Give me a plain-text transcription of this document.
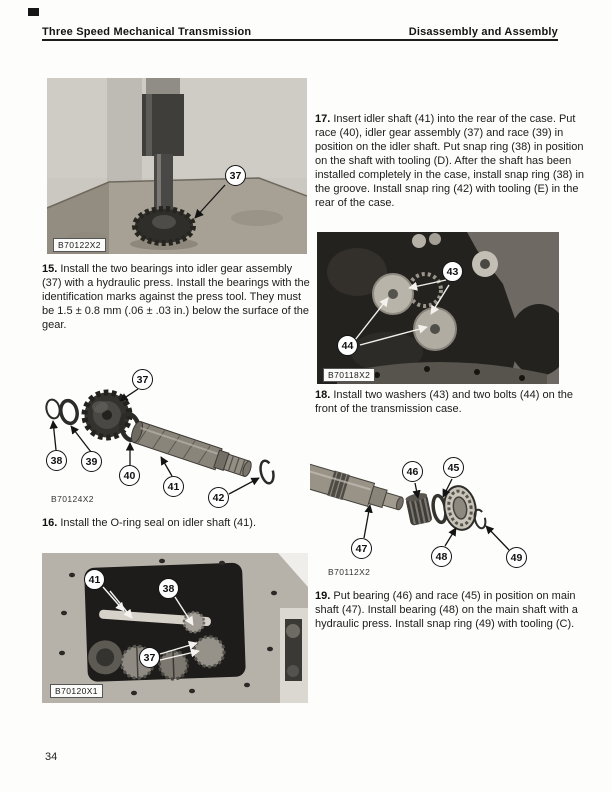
Three Speed Mechanical Transmission	Disassembly and Assembly
37
B70122X2

15. Install the two bearings into idler gear assembly (37) with a hydraulic press. Install the bearings with the identification marks against the press tool. They must be 1.5 ± 0.8 mm (.06 ± .03 in.) below the surface of the gear.

37
38 39
40
41
42
B70124X2

16. Install the O-ring seal on idler shaft (41).

41
38
37
B70120X1

17. Insert idler shaft (41) into the rear of the case. Put race (40), idler gear assembly (37) and race (39) in position on the idler shaft. Put snap ring (38) in position on the shaft with tooling (D). After the shaft has been installed completely in the case, install snap ring (38) in the groove. Install snap ring (42) with tooling (E) in the rear of the case.

43
44
B70118X2

18. Install two washers (43) and two bolts (44) on the front of the transmission case.

46	45
47
48	49
B70112X2

19. Put bearing (46) and race (45) in position on main shaft (47). Install bearing (48) on the main shaft with a hydraulic press. Install snap ring (49) with tooling (C).

34
